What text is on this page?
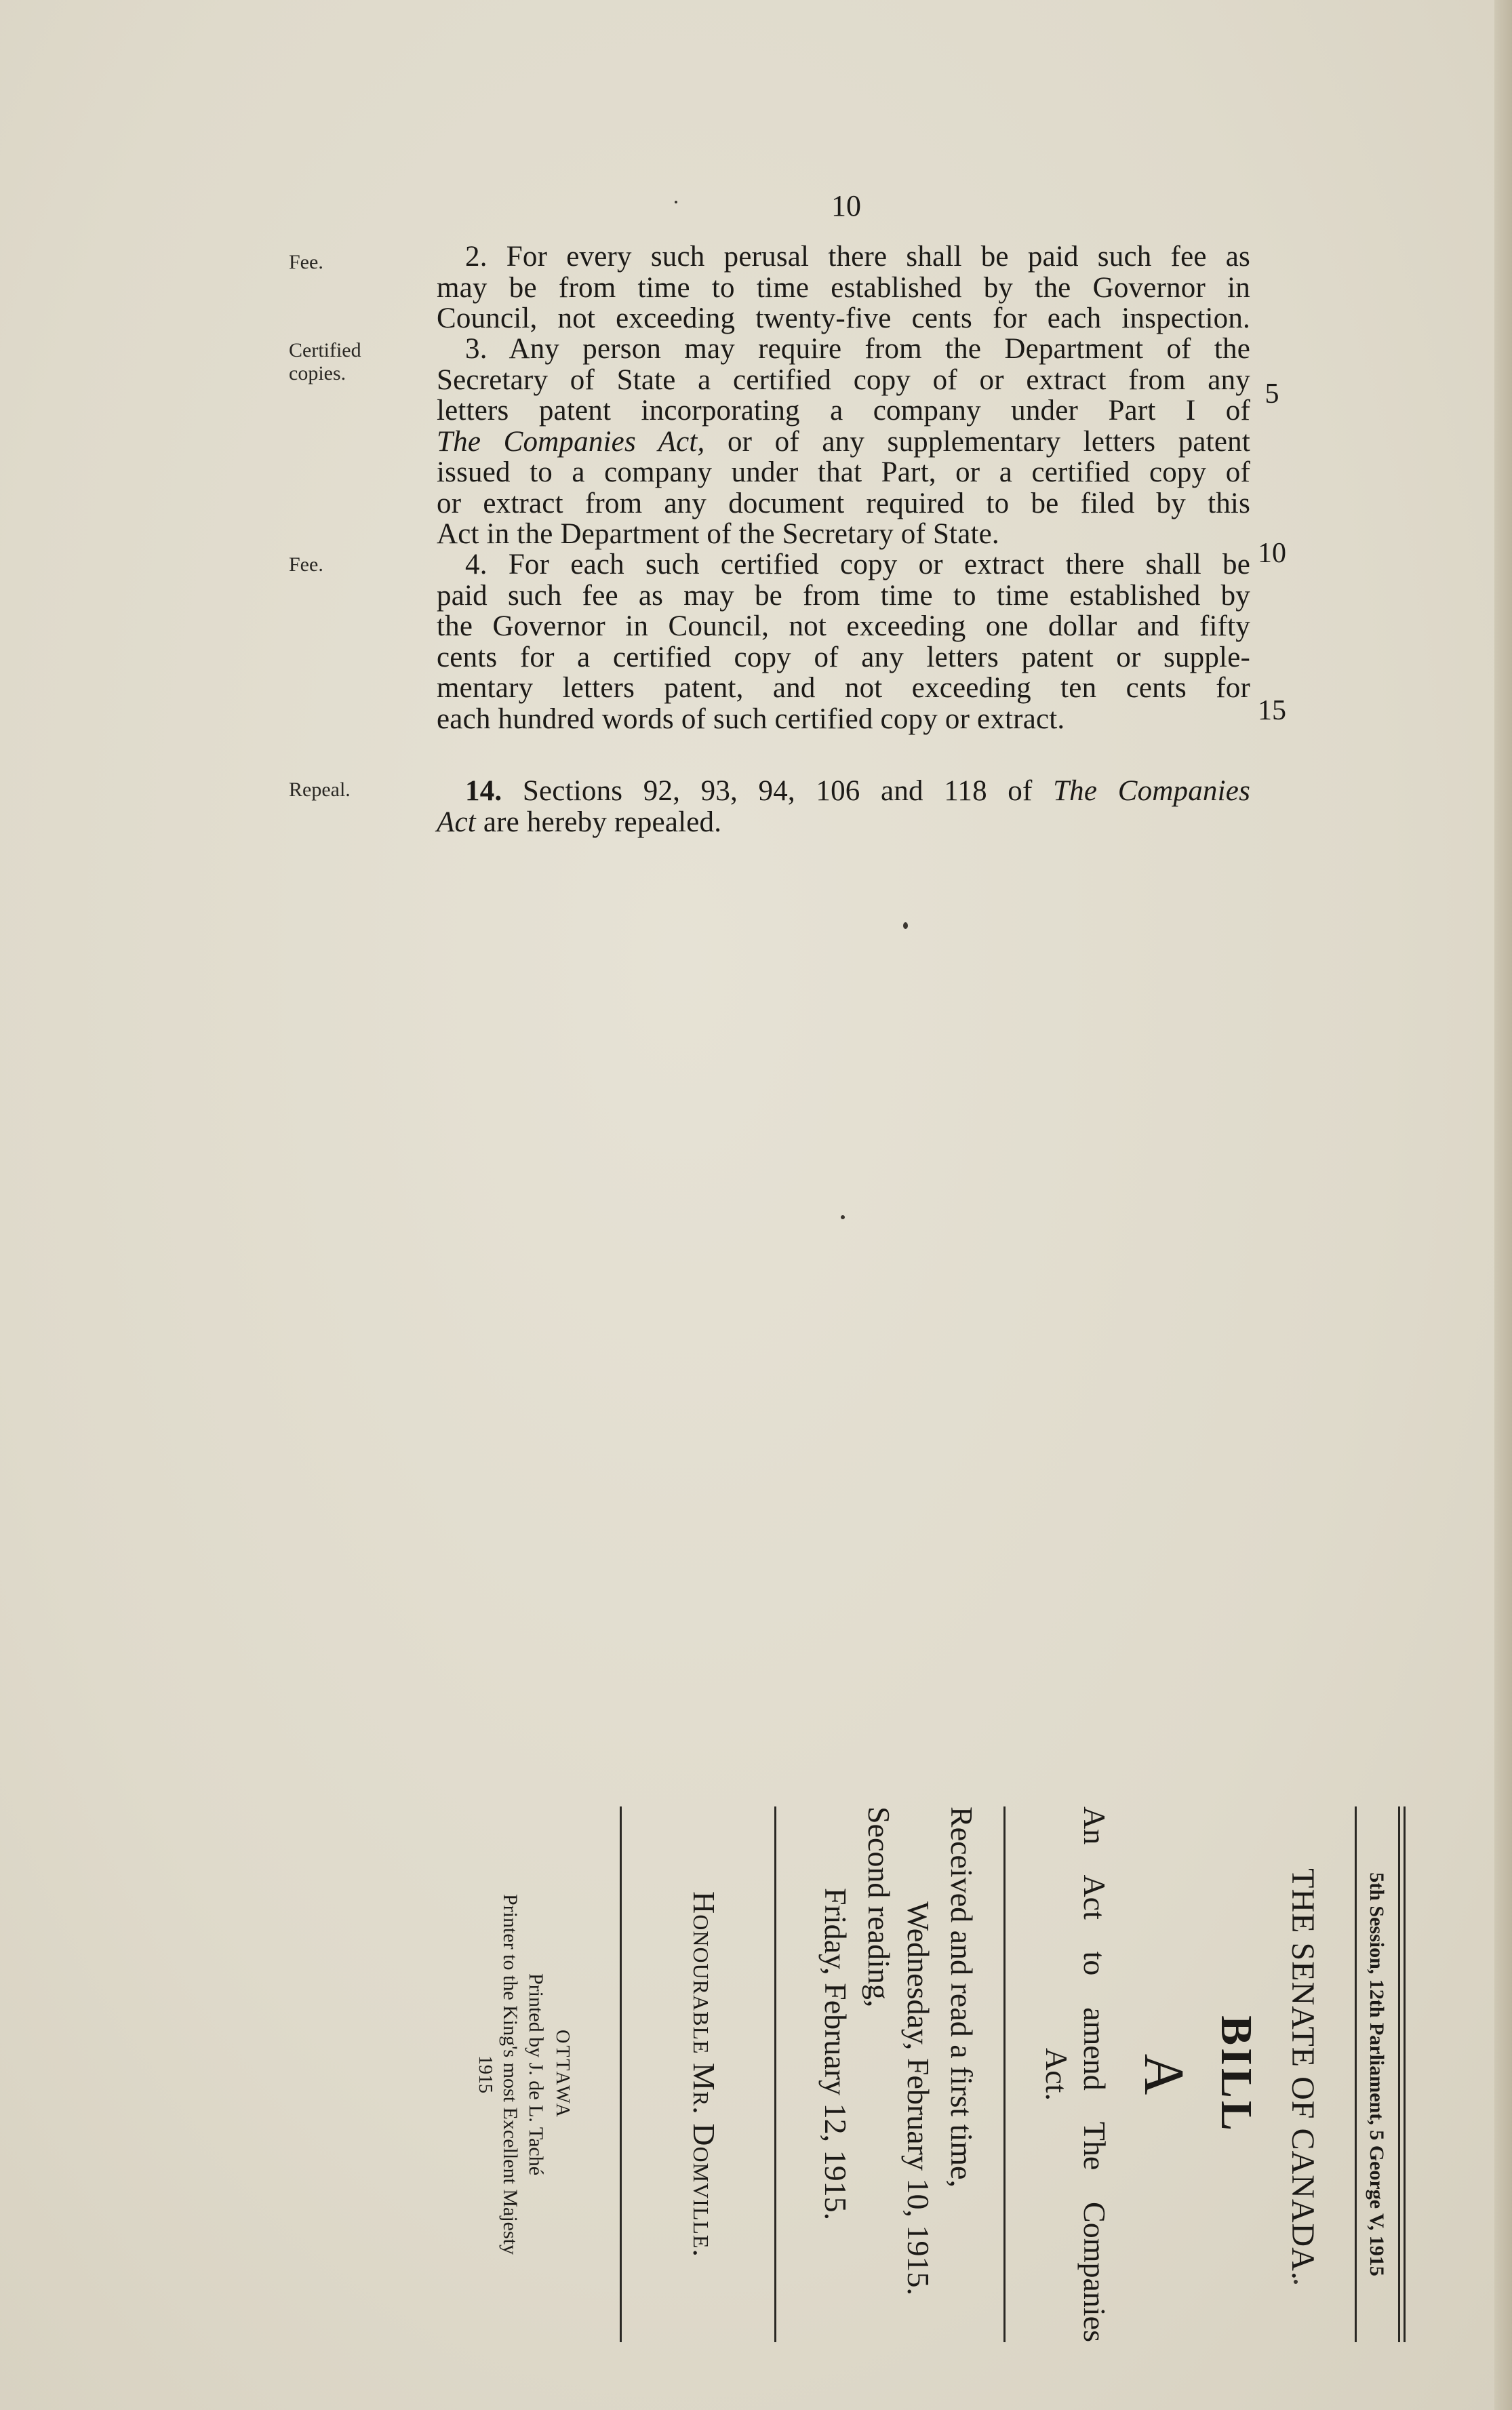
10
Fee.
Certified
copies.
Fee.
Repeal.
2. For every such perusal there shall be paid such fee as
may be from time to time established by the Governor in
Council, not exceeding twenty-five cents for each inspection.
3. Any person may require from the Department of the
Secretary of State a certified copy of or extract from any
letters patent incorporating a company under Part I of
The Companies Act, or of any supplementary letters patent
issued to a company under that Part, or a certified copy of
or extract from any document required to be filed by this
Act in the Department of the Secretary of State.
4. For each such certified copy or extract there shall be
paid such fee as may be from time to time established by
the Governor in Council, not exceeding one dollar and fifty
cents for a certified copy of any letters patent or supple-
mentary letters patent, and not exceeding ten cents for
each hundred words of such certified copy or extract.
14. Sections 92, 93, 94, 106 and 118 of The Companies
Act are hereby repealed.
5
10
15
5th Session, 12th Parliament, 5 George V, 1915
THE SENATE OF CANADA.
BILL
A
An Act to amend The Companies
Act.
Received and read a first time,
Wednesday, February 10, 1915.
Second reading,
Friday, February 12, 1915.
Honourable Mr. Domville.
OTTAWA
Printed by J. de L. Taché
Printer to the King's most Excellent Majesty
1915
